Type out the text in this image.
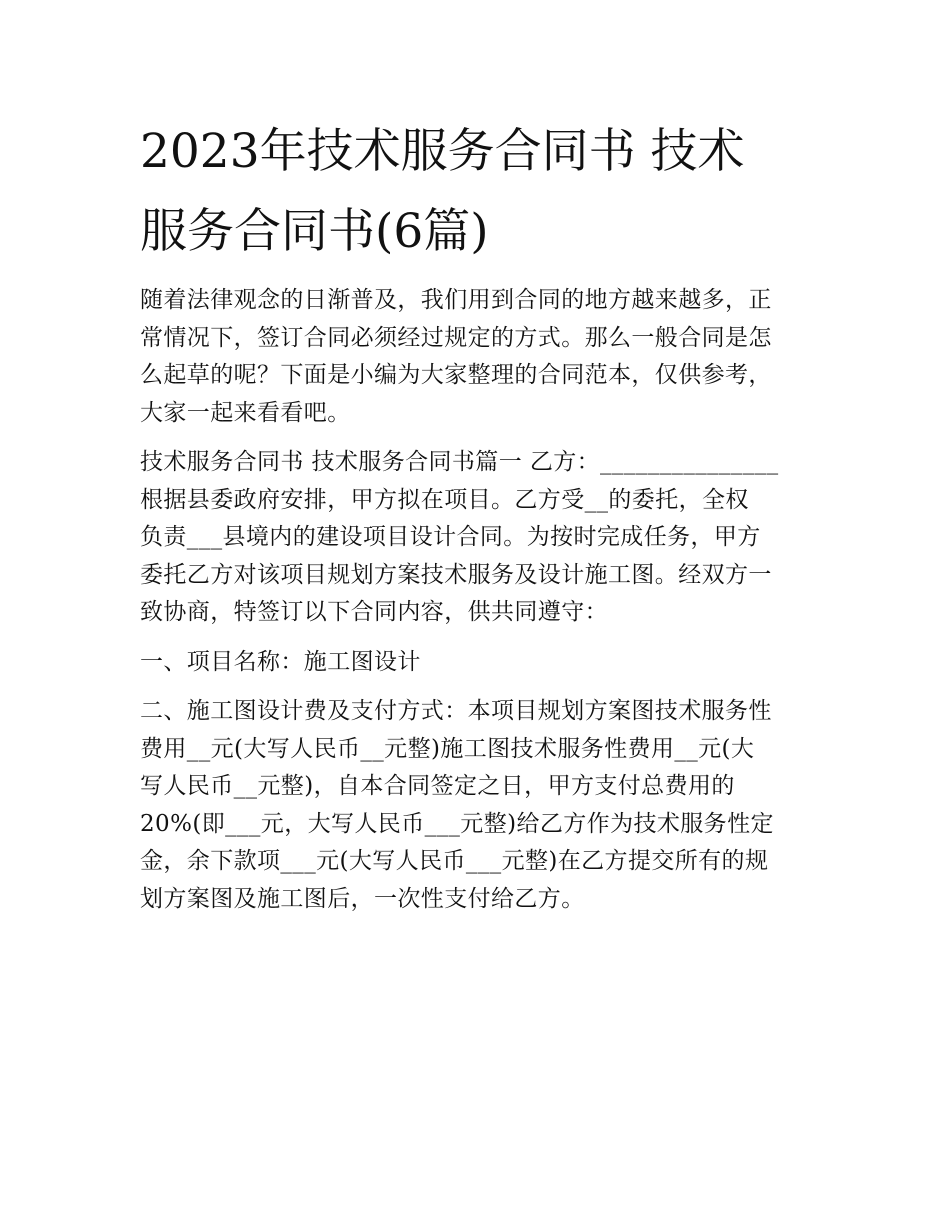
2023年技术服务合同书 技术
服务合同书(6篇)

随着法律观念的日渐普及，我们用到合同的地方越来越多，正
常情况下，签订合同必须经过规定的方式。那么一般合同是怎
么起草的呢？下面是小编为大家整理的合同范本，仅供参考，
大家一起来看看吧。

技术服务合同书 技术服务合同书篇一 乙方：_______________
根据县委政府安排，甲方拟在项目。乙方受__的委托，全权
负责___县境内的建设项目设计合同。为按时完成任务，甲方
委托乙方对该项目规划方案技术服务及设计施工图。经双方一
致协商，特签订以下合同内容，供共同遵守：

一、项目名称：施工图设计

二、施工图设计费及支付方式：本项目规划方案图技术服务性
费用__元(大写人民币__元整)施工图技术服务性费用__元(大
写人民币__元整)，自本合同签定之日，甲方支付总费用的
20%(即___元，大写人民币___元整)给乙方作为技术服务性定
金，余下款项___元(大写人民币___元整)在乙方提交所有的规
划方案图及施工图后，一次性支付给乙方。
